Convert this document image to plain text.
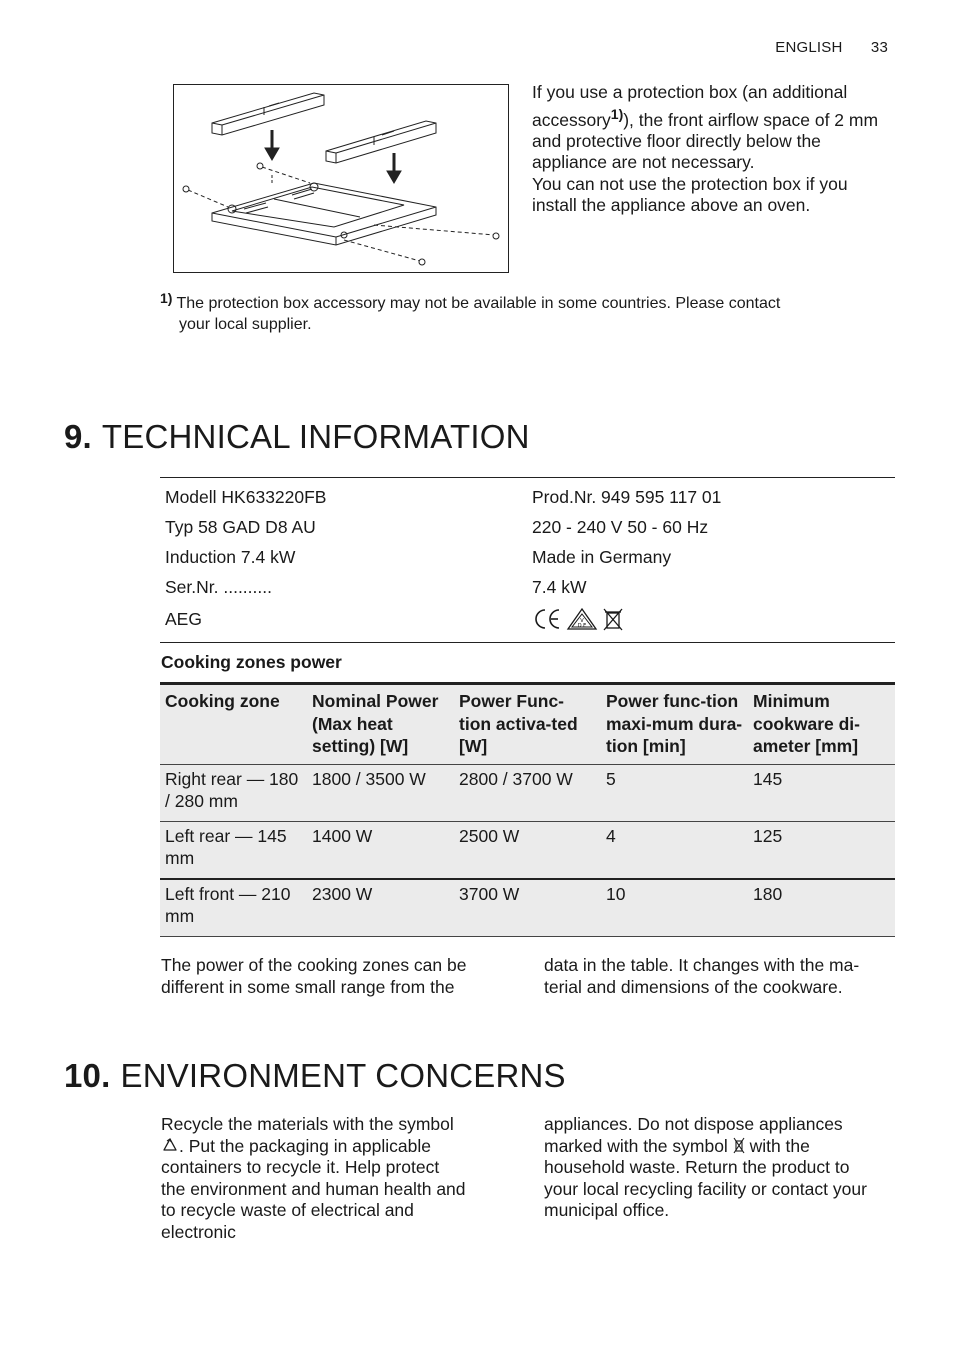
ENGLISH 33

If you use a protection box (an additional accessory$^{1)}$), the front airflow space of 2 mm and protective floor directly below the appliance are not necessary.

You can not use the protection box if you install the appliance above an oven.

1) The protection box accessory may not be available in some countries. Please contact
your local supplier.
9. TECHNICAL INFORMATION
Modell HK633220FB	Prod.Nr. 949 595 117 01
Typ 58 GAD D8 AU	220 - 240 V 50 - 60 Hz
Induction 7.4 kW	Made in Germany
Ser.Nr. ..........	7.4 kW
AEG	V
D E
Cooking zones power
Cooking zone	Nominal Power (Max heat setting) [W]	Power Func-tion activa-ted [W]	Power func-tion maxi-mum dura-tion [min]	Minimum cookware di-ameter [mm]
Right rear — 180 / 280 mm	1800 / 3500 W	2800 / 3700 W	5	145
Left rear — 145 mm	1400 W	2500 W	4	125
Left front — 210 mm	2300 W	3700 W	10	180

The power of the cooking zones can be different in some small range from the

data in the table. It changes with the ma-terial and dimensions of the cookware.

10. ENVIRONMENT CONCERNS

Recycle the materials with the symbol . Put the packaging in applicable containers to recycle it. Help protect the environment and human health and to recycle waste of electrical and electronic

appliances. Do not dispose appliances marked with the symbol with the household waste. Return the product to your local recycling facility or contact your municipal office.
